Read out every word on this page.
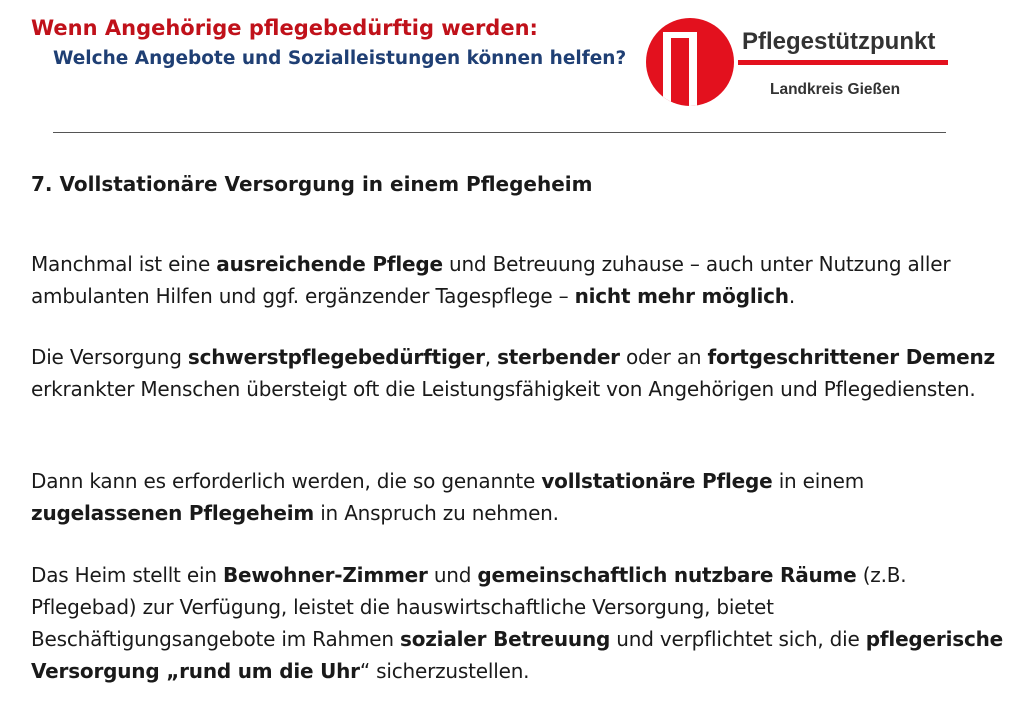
Wenn Angehörige pflegebedürftig werden:
Welche Angebote und Sozialleistungen können helfen?
Pflegestützpunkt
Landkreis Gießen
7. Vollstationäre Versorgung in einem Pflegeheim

Manchmal ist eine ausreichende Pflege und Betreuung zuhause – auch unter Nutzung aller ambulanten Hilfen und ggf. ergänzender Tagespflege – nicht mehr möglich.

Die Versorgung schwerstpflegebedürftiger, sterbender oder an fortgeschrittener Demenz erkrankter Menschen übersteigt oft die Leistungsfähigkeit von Angehörigen und Pflegediensten.

Dann kann es erforderlich werden, die so genannte vollstationäre Pflege in einem zugelassenen Pflegeheim in Anspruch zu nehmen.

Das Heim stellt ein Bewohner-Zimmer und gemeinschaftlich nutzbare Räume (z.B. Pflegebad) zur Verfügung, leistet die hauswirtschaftliche Versorgung, bietet Beschäftigungsangebote im Rahmen sozialer Betreuung und verpflichtet sich, die pflegerische Versorgung „rund um die Uhr“ sicherzustellen.
